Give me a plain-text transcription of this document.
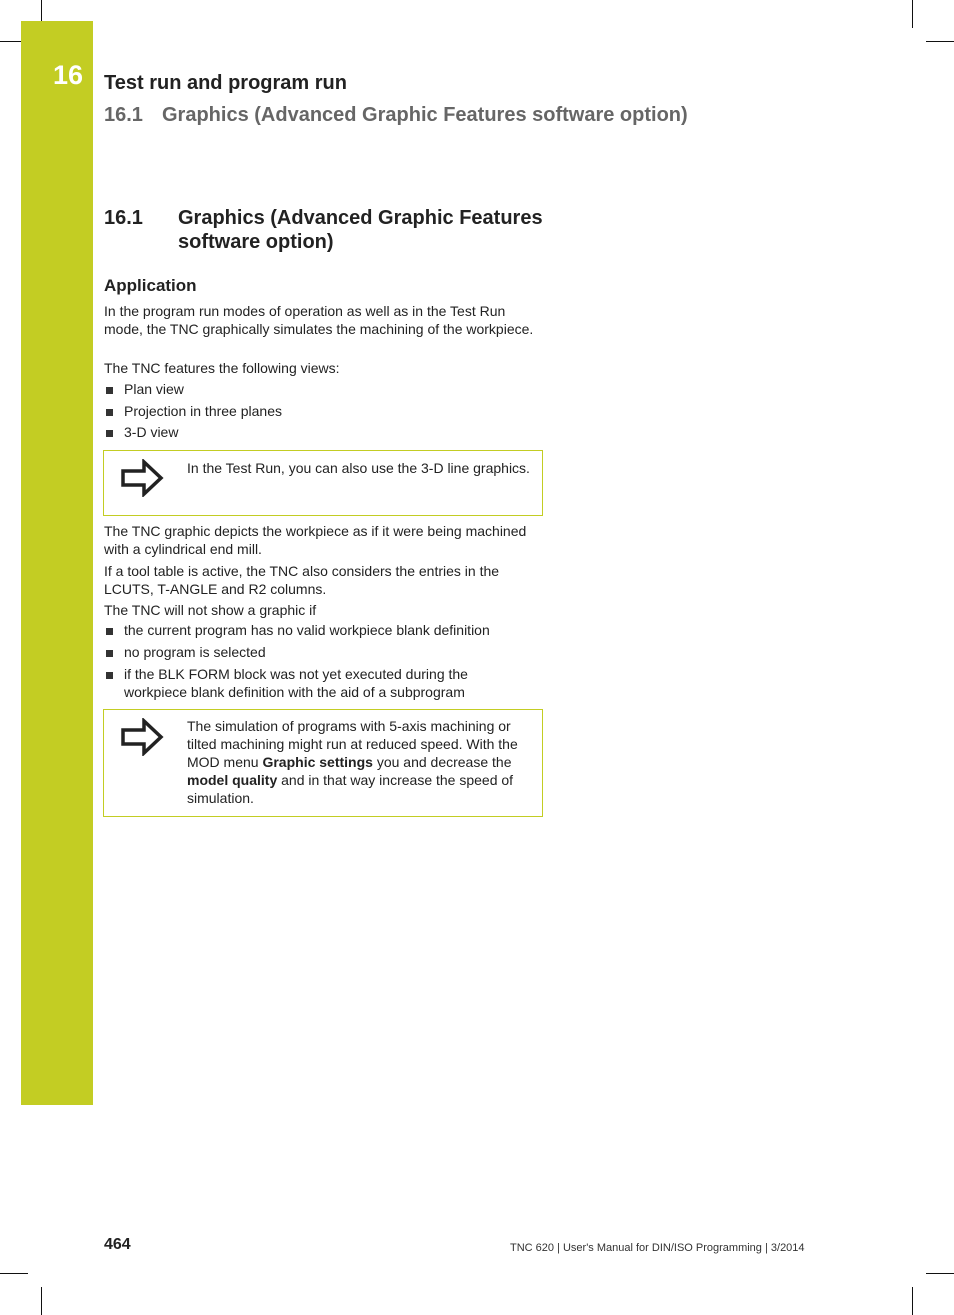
16 Test run and program run
16.1 Graphics (Advanced Graphic Features software option)
16.1 Graphics (Advanced Graphic Features software option)
Application
In the program run modes of operation as well as in the Test Run mode, the TNC graphically simulates the machining of the workpiece.
The TNC features the following views:
Plan view
Projection in three planes
3-D view
In the Test Run, you can also use the 3-D line graphics.
The TNC graphic depicts the workpiece as if it were being machined with a cylindrical end mill.
If a tool table is active, the TNC also considers the entries in the LCUTS, T-ANGLE and R2 columns.
The TNC will not show a graphic if
the current program has no valid workpiece blank definition
no program is selected
if the BLK FORM block was not yet executed during the workpiece blank definition with the aid of a subprogram
The simulation of programs with 5-axis machining or tilted machining might run at reduced speed. With the MOD menu Graphic settings you and decrease the model quality and in that way increase the speed of simulation.
464	TNC 620 | User's Manual for DIN/ISO Programming | 3/2014
